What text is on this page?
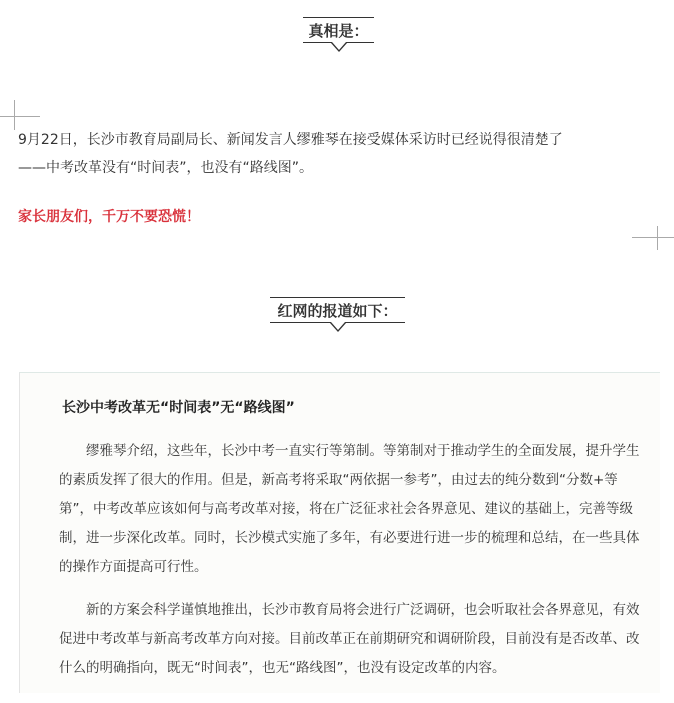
真相是：
9月22日，长沙市教育局副局长、新闻发言人缪雅琴在接受媒体采访时已经说得很清楚了
——中考改革没有“时间表”，也没有“路线图”。
家长朋友们，千万不要恐慌！
红网的报道如下：
长沙中考改革无“时间表”无“路线图”

缪雅琴介绍，这些年，长沙中考一直实行等第制。等第制对于推动学生的全面发展，提升学生的素质发挥了很大的作用。但是，新高考将采取“两依据一参考”，由过去的纯分数到“分数+等第”，中考改革应该如何与高考改革对接，将在广泛征求社会各界意见、建议的基础上，完善等级制，进一步深化改革。同时，长沙模式实施了多年，有必要进行进一步的梳理和总结，在一些具体的操作方面提高可行性。

新的方案会科学谨慎地推出，长沙市教育局将会进行广泛调研，也会听取社会各界意见，有效促进中考改革与新高考改革方向对接。目前改革正在前期研究和调研阶段，目前没有是否改革、改什么的明确指向，既无“时间表”，也无“路线图”，也没有设定改革的内容。
